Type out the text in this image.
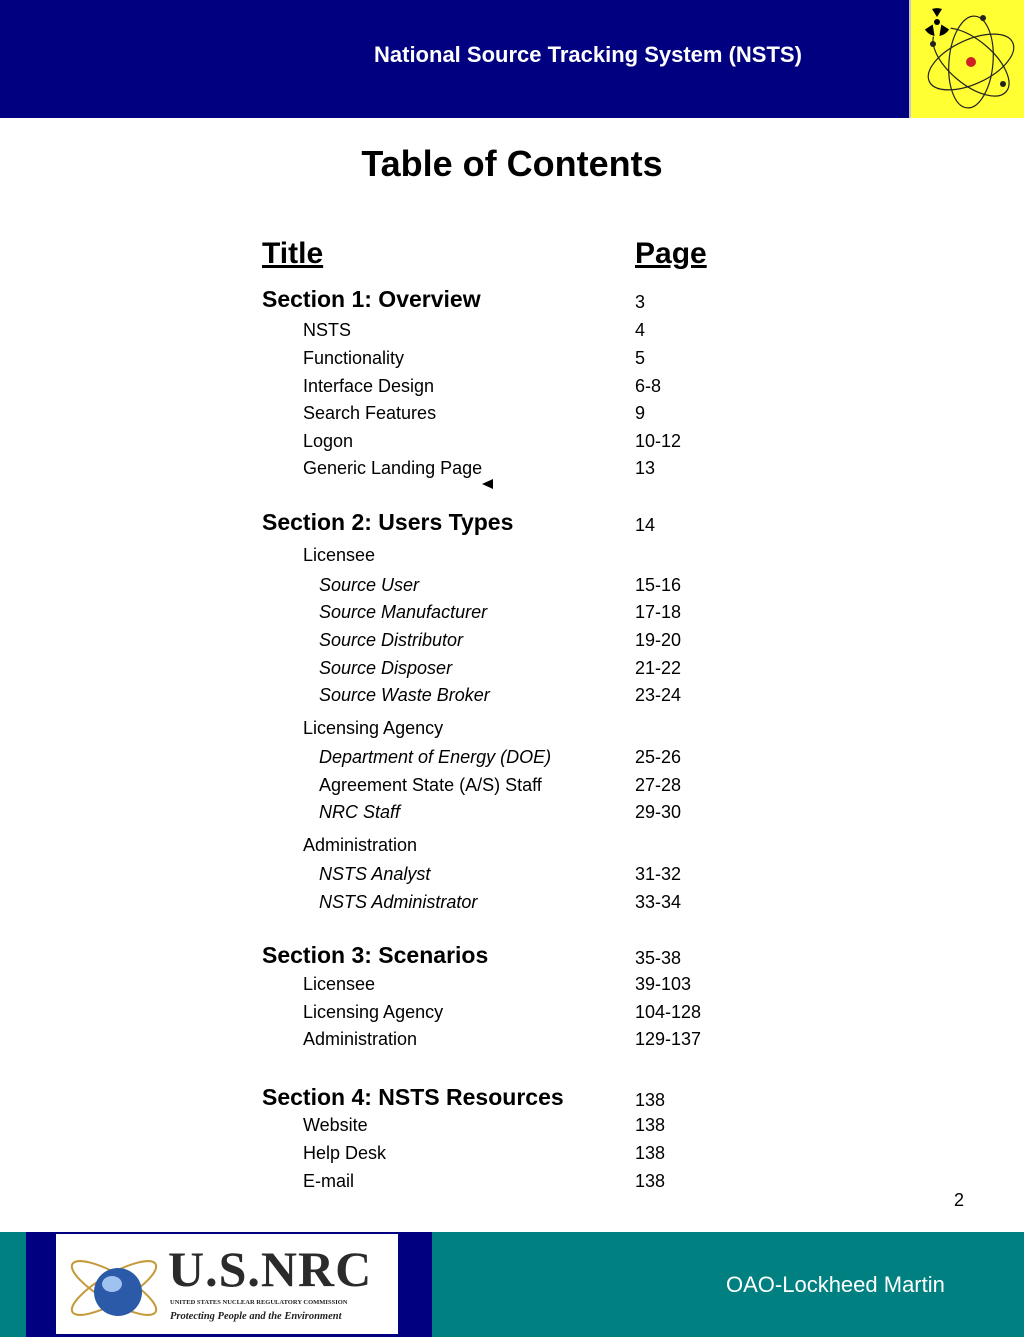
National Source Tracking System (NSTS)
Table of Contents
Title	Page
Section 1: Overview	3
NSTS	4
Functionality	5
Interface Design	6-8
Search Features	9
Logon	10-12
Generic Landing Page	13
Section 2: Users Types	14
Licensee
Source User	15-16
Source Manufacturer	17-18
Source Distributor	19-20
Source Disposer	21-22
Source Waste Broker	23-24
Licensing Agency
Department of Energy (DOE)	25-26
Agreement State (A/S) Staff	27-28
NRC Staff	29-30
Administration
NSTS Analyst	31-32
NSTS Administrator	33-34
Section 3: Scenarios	35-38
Licensee	39-103
Licensing Agency	104-128
Administration	129-137
Section 4: NSTS Resources	138
Website	138
Help Desk	138
E-mail	138
2
U.S.NRC
UNITED STATES NUCLEAR REGULATORY COMMISSION
Protecting People and the Environment
OAO-Lockheed Martin
